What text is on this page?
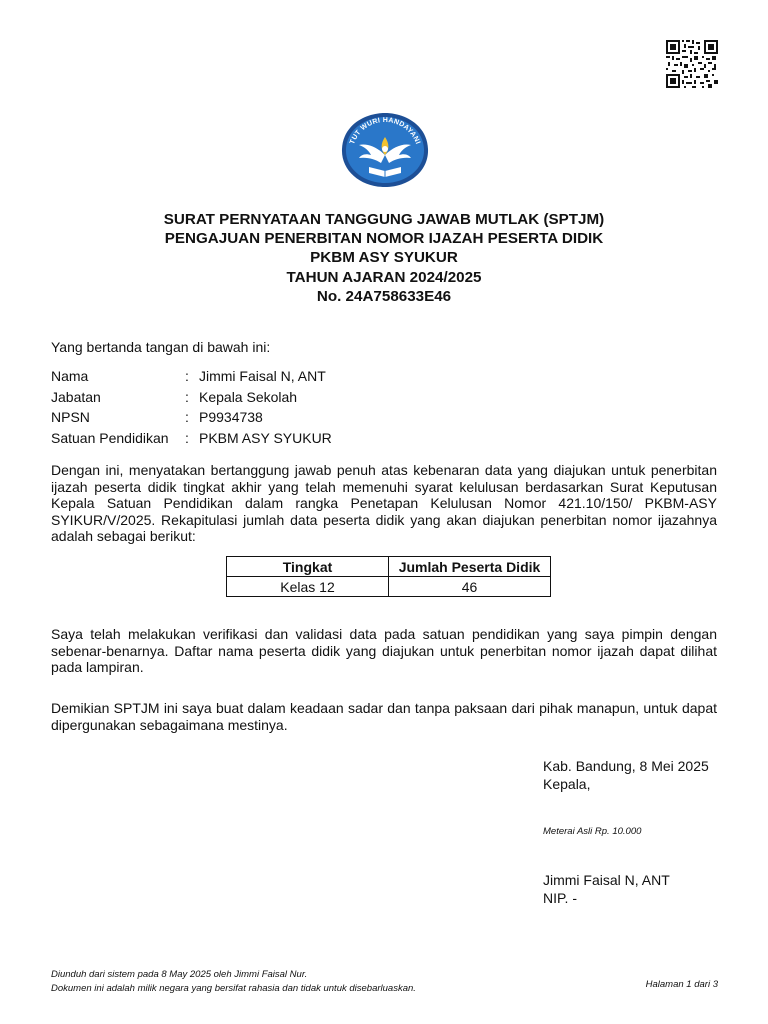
TUT WURI HANDAYANI
SURAT PERNYATAAN TANGGUNG JAWAB MUTLAK (SPTJM)
PENGAJUAN PENERBITAN NOMOR IJAZAH PESERTA DIDIK
PKBM ASY SYUKUR
TAHUN AJARAN 2024/2025
No. 24A758633E46
Yang bertanda tangan di bawah ini:
Nama	: Jimmi Faisal N, ANT
Jabatan	: Kepala Sekolah
NPSN	: P9934738
Satuan Pendidikan : PKBM ASY SYUKUR
Dengan ini, menyatakan bertanggung jawab penuh atas kebenaran data yang diajukan untuk penerbitan ijazah peserta didik tingkat akhir yang telah memenuhi syarat kelulusan berdasarkan Surat Keputusan Kepala Satuan Pendidikan dalam rangka Penetapan Kelulusan Nomor 421.10/150/ PKBM-ASY SYIKUR/V/2025. Rekapitulasi jumlah data peserta didik yang akan diajukan penerbitan nomor ijazahnya adalah sebagai berikut:
Tingkat	Jumlah Peserta Didik
Kelas 12	46
Saya telah melakukan verifikasi dan validasi data pada satuan pendidikan yang saya pimpin dengan sebenar-benarnya. Daftar nama peserta didik yang diajukan untuk penerbitan nomor ijazah dapat dilihat pada lampiran.
Demikian SPTJM ini saya buat dalam keadaan sadar dan tanpa paksaan dari pihak manapun, untuk dapat dipergunakan sebagaimana mestinya.
Kab. Bandung, 8 Mei 2025
Kepala,
Meterai Asli Rp. 10.000
Jimmi Faisal N, ANT
NIP. -
Diunduh dari sistem pada 8 May 2025 oleh Jimmi Faisal Nur.
Dokumen ini adalah milik negara yang bersifat rahasia dan tidak untuk disebarluaskan.	Halaman 1 dari 3
